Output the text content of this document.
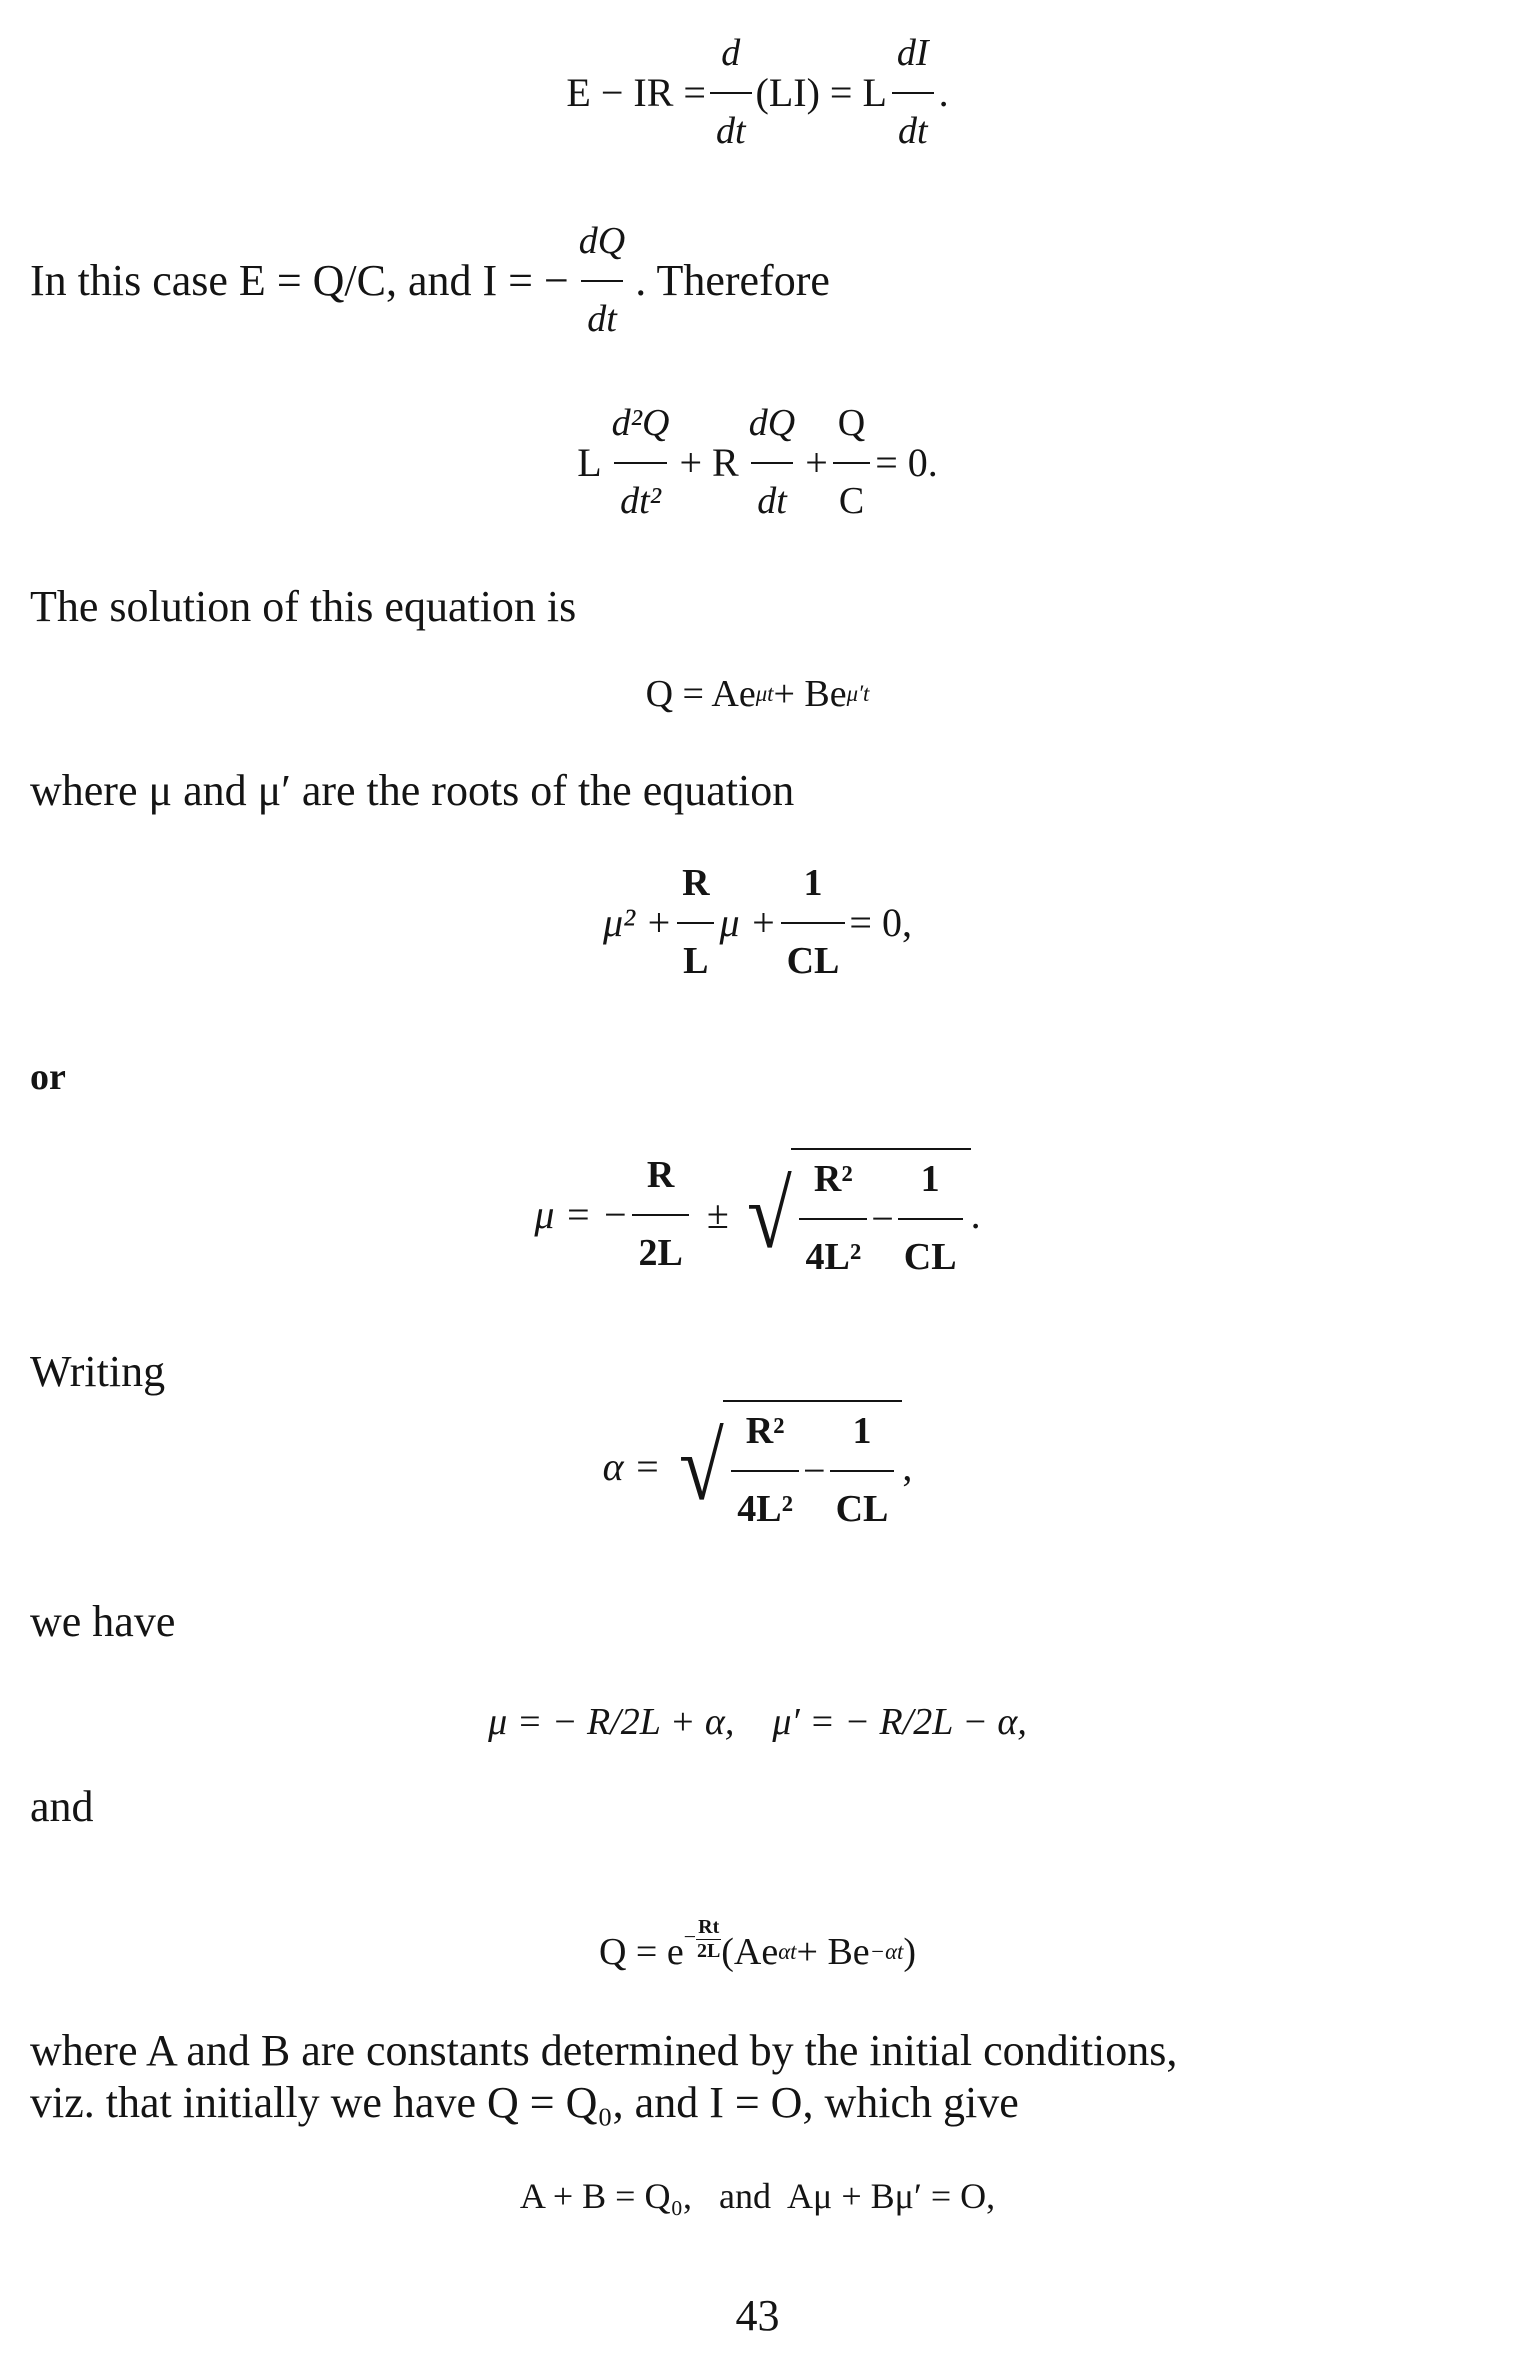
E − IR = $\frac{d}{dt} (LI) = L \frac{dI}{dt}$ .
In this case E = Q/C, and I = − $\frac{dQ}{dt}$ . Therefore
L $\frac{\text{d²Q}}{\text{dt²}} + R \frac{dQ}{dt} + \frac{Q}{C} = 0$.
The solution of this equation is
Q = Ae μt + Be μ′t
where μ and μ′ are the roots of the equation
$\mu^2 + \frac{R}{L}$ $\mu + \frac{1}{CL} = 0$,
or
μ = − $\frac{R}{2L}$ ± √ $\frac{\text{R²}}{\text{4L²}} - \frac{1}{CL}$ .
Writing
α = √ $\frac{\text{R²}}{\text{4L²}} - \frac{1}{CL}$ ,
we have
μ = − R/2L + α,    μ′ = − R/2L − α,
and
$Q = e - \frac{Rt}{2L} (Ae$ αt + Be −αt )
where A and B are constants determined by the initial conditions,
viz. that initially we have Q = Q₀, and I = O, which give
A + B = Q₀,   and  Aμ + Bμ′ = O,
43
